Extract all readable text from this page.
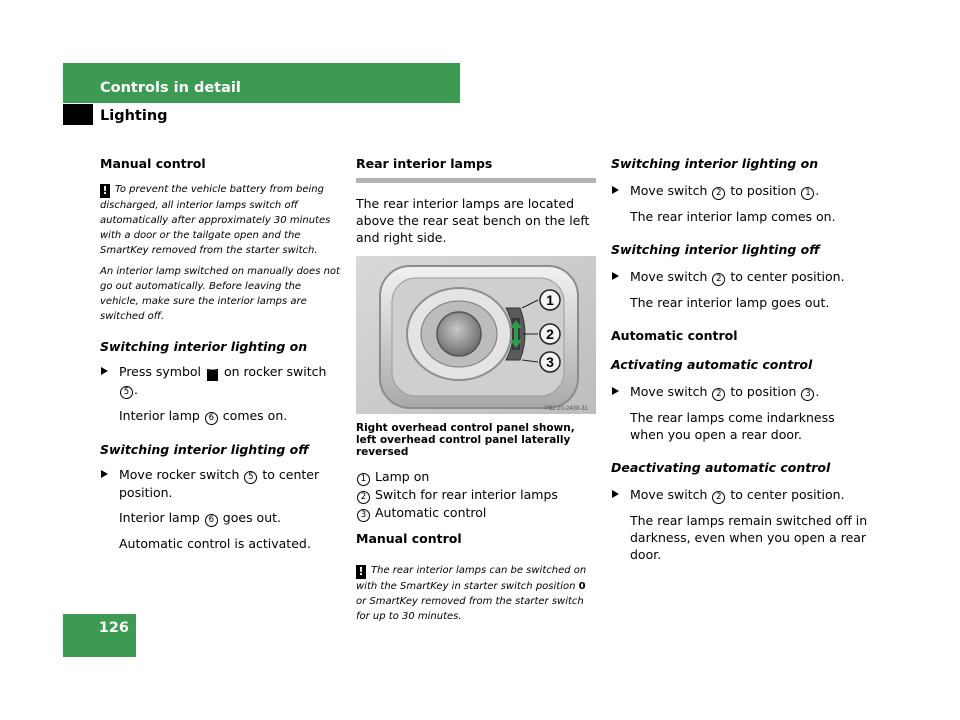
Controls in detail
Lighting
Manual control
! To prevent the vehicle battery from being discharged, all interior lamps switch off automatically after approximately 30 minutes with a door or the tailgate open and the SmartKey removed from the starter switch.
An interior lamp switched on manually does not go out automatically. Before leaving the vehicle, make sure the interior lamps are switched off.
Switching interior lighting on
Press symbol ⌒ on rocker switch 5 .
Interior lamp 6 comes on.
Switching interior lighting off
Move rocker switch 5 to center position.
Interior lamp 6 goes out.
Automatic control is activated.
Rear interior lamps
The rear interior lamps are located above the rear seat bench on the left and right side.
1
2
3
P82.20-2408-31
Right overhead control panel shown, left overhead control panel laterally reversed
1 Lamp on
2 Switch for rear interior lamps
3 Automatic control
Manual control
! The rear interior lamps can be switched on with the SmartKey in starter switch position 0 or SmartKey removed from the starter switch for up to 30 minutes.
Switching interior lighting on
Move switch 2 to position 1 .
The rear interior lamp comes on.
Switching interior lighting off
Move switch 2 to center position.
The rear interior lamp goes out.
Automatic control
Activating automatic control
Move switch 2 to position 3 .
The rear lamps come indarkness when you open a rear door.
Deactivating automatic control
Move switch 2 to center position.
The rear lamps remain switched off in darkness, even when you open a rear door.
126
